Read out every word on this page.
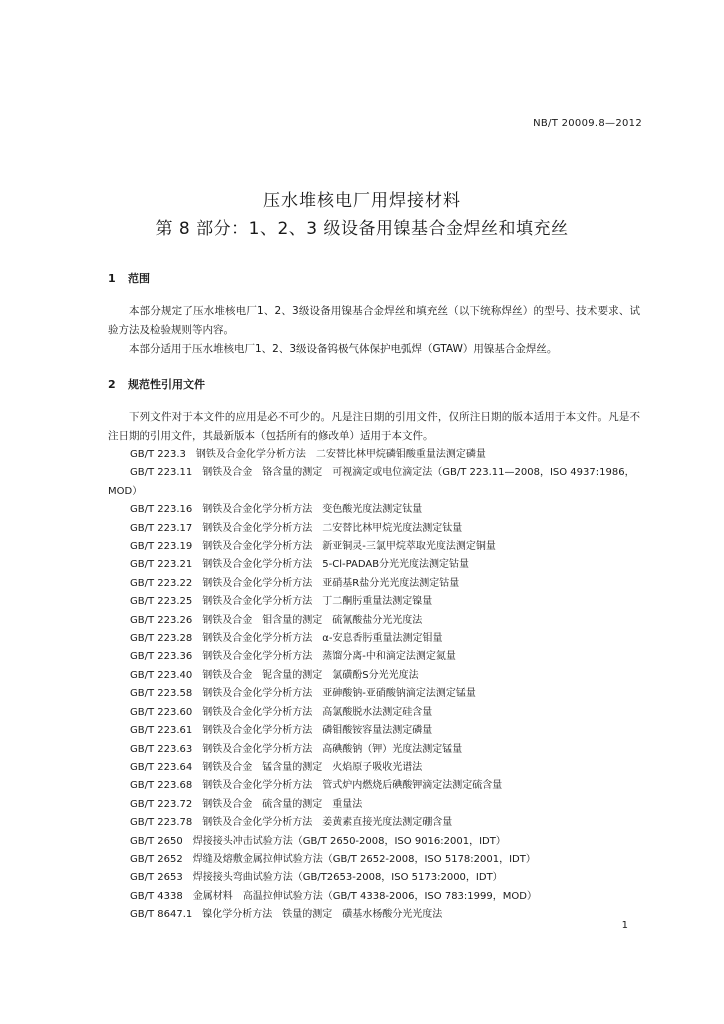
NB/T 20009.8—2012
压水堆核电厂用焊接材料
第 8 部分：1、2、3 级设备用镍基合金焊丝和填充丝
1 范围
本部分规定了压水堆核电厂1、2、3级设备用镍基合金焊丝和填充丝（以下统称焊丝）的型号、技术要求、试验方法及检验规则等内容。
本部分适用于压水堆核电厂1、2、3级设备钨极气体保护电弧焊（GTAW）用镍基合金焊丝。
2 规范性引用文件
下列文件对于本文件的应用是必不可少的。凡是注日期的引用文件，仅所注日期的版本适用于本文件。凡是不注日期的引用文件，其最新版本（包括所有的修改单）适用于本文件。
GB/T 223.3　钢铁及合金化学分析方法　二安替比林甲烷磷钼酸重量法测定磷量
GB/T 223.11　钢铁及合金　铬含量的测定　可视滴定或电位滴定法（GB/T 223.11—2008，ISO 4937:1986，MOD）
GB/T 223.16　钢铁及合金化学分析方法　变色酸光度法测定钛量
GB/T 223.17　钢铁及合金化学分析方法　二安替比林甲烷光度法测定钛量
GB/T 223.19　钢铁及合金化学分析方法　新亚铜灵-三氯甲烷萃取光度法测定铜量
GB/T 223.21　钢铁及合金化学分析方法　5-Cl-PADAB分光光度法测定钴量
GB/T 223.22　钢铁及合金化学分析方法　亚硝基R盐分光光度法测定钴量
GB/T 223.25　钢铁及合金化学分析方法　丁二酮肟重量法测定镍量
GB/T 223.26　钢铁及合金　钼含量的测定　硫氰酸盐分光光度法
GB/T 223.28　钢铁及合金化学分析方法　α-安息香肟重量法测定钼量
GB/T 223.36　钢铁及合金化学分析方法　蒸馏分离-中和滴定法测定氮量
GB/T 223.40　钢铁及合金　铌含量的测定　氯磺酚S分光光度法
GB/T 223.58　钢铁及合金化学分析方法　亚砷酸钠-亚硝酸钠滴定法测定锰量
GB/T 223.60　钢铁及合金化学分析方法　高氯酸脱水法测定硅含量
GB/T 223.61　钢铁及合金化学分析方法　磷钼酸铵容量法测定磷量
GB/T 223.63　钢铁及合金化学分析方法　高碘酸钠（钾）光度法测定锰量
GB/T 223.64　钢铁及合金　锰含量的测定　火焰原子吸收光谱法
GB/T 223.68　钢铁及合金化学分析方法　管式炉内燃烧后碘酸钾滴定法测定硫含量
GB/T 223.72　钢铁及合金　硫含量的测定　重量法
GB/T 223.78　钢铁及合金化学分析方法　姜黄素直接光度法测定硼含量
GB/T 2650　焊接接头冲击试验方法（GB/T 2650-2008，ISO 9016:2001，IDT）
GB/T 2652　焊缝及熔敷金属拉伸试验方法（GB/T 2652-2008，ISO 5178:2001，IDT）
GB/T 2653　焊接接头弯曲试验方法（GB/T2653-2008，ISO 5173:2000，IDT）
GB/T 4338　金属材料　高温拉伸试验方法（GB/T 4338-2006，ISO 783:1999，MOD）
GB/T 8647.1　镍化学分析方法　铁量的测定　磺基水杨酸分光光度法
1
